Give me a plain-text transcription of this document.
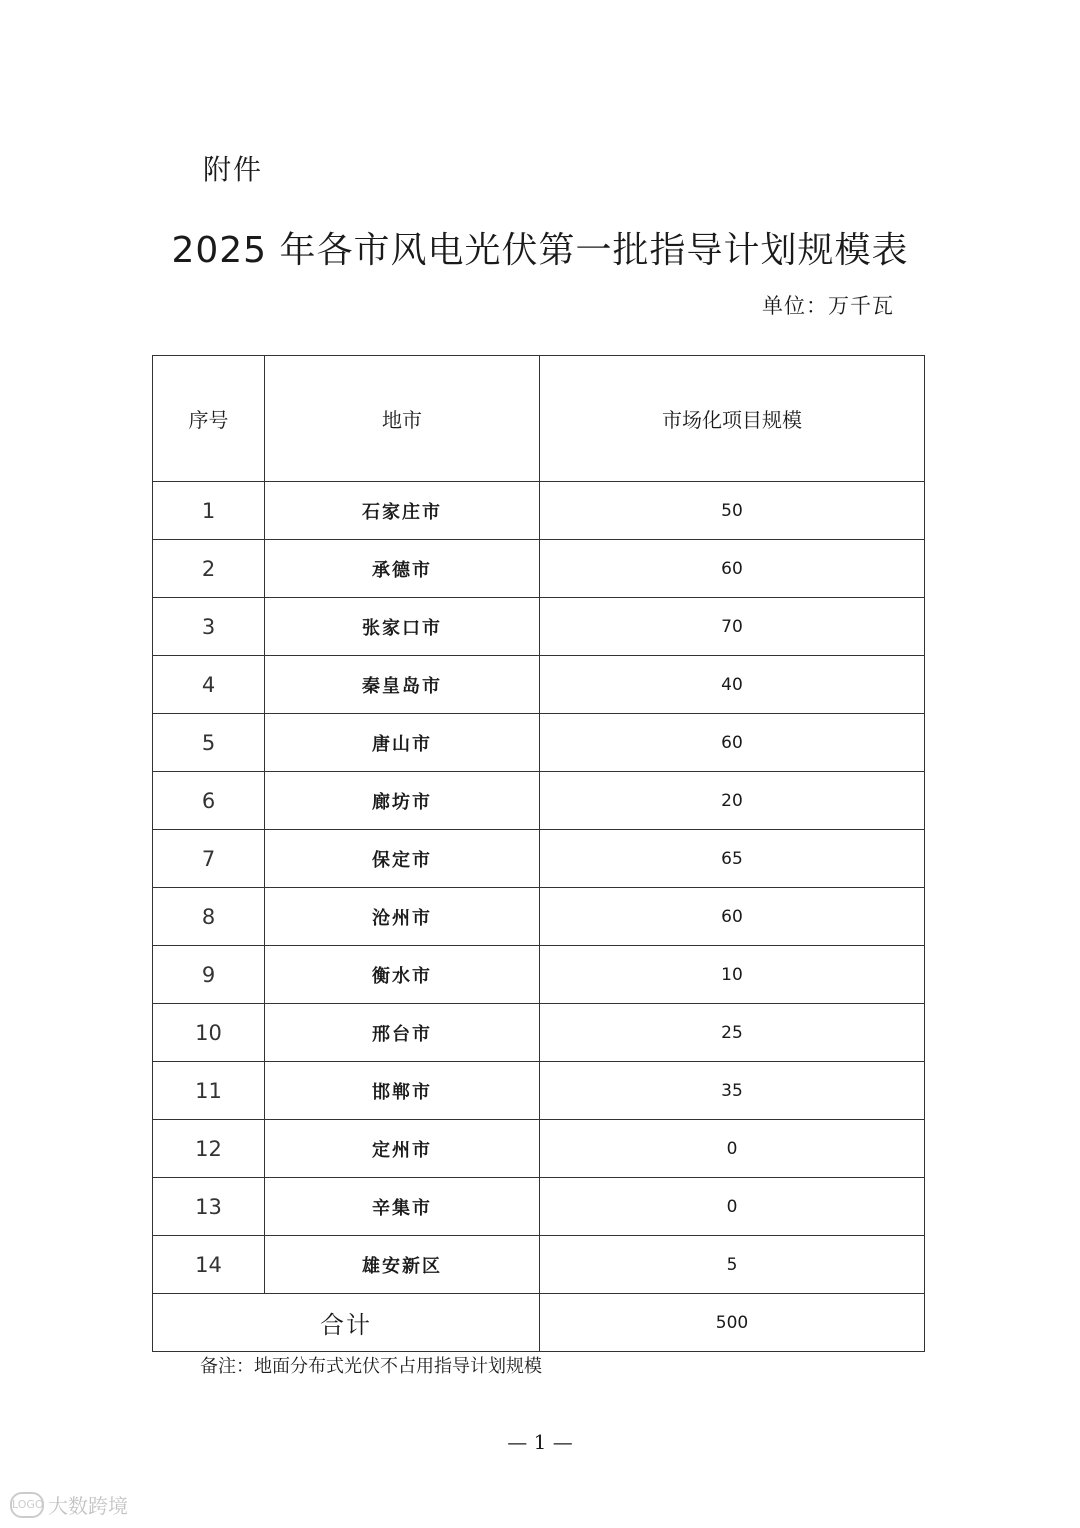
附件
2025 年各市风电光伏第一批指导计划规模表
单位：万千瓦
序号	地市	市场化项目规模
1	石家庄市	50
2	承德市	60
3	张家口市	70
4	秦皇岛市	40
5	唐山市	60
6	廊坊市	20
7	保定市	65
8	沧州市	60
9	衡水市	10
10	邢台市	25
11	邯郸市	35
12	定州市	0
13	辛集市	0
14	雄安新区	5
合计		500
备注：地面分布式光伏不占用指导计划规模
— 1 —
LOGO 大数跨境
